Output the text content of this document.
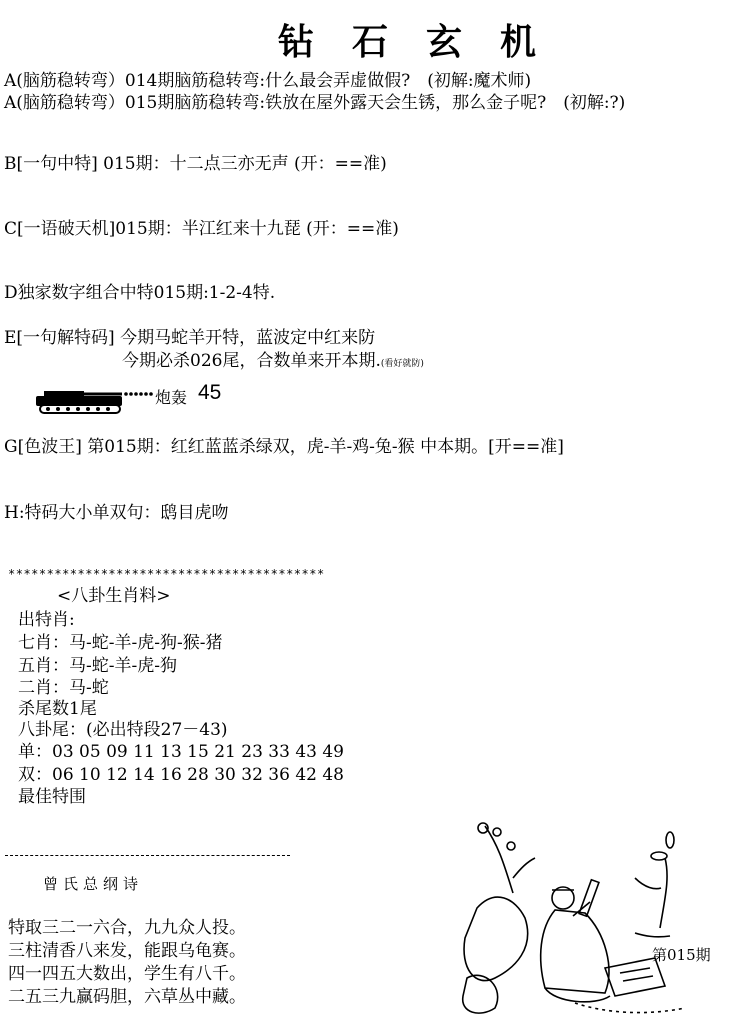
钻石玄机
A(脑筋稳转弯）014期脑筋稳转弯:什么最会弄虚做假?　(初解:魔术师)
A(脑筋稳转弯）015期脑筋稳转弯:铁放在屋外露天会生锈，那么金子呢?　(初解:?)
B[一句中特] 015期：十二点三亦无声 (开：==准)
C[一语破天机]015期：半江红来十九琵 (开：==准)
D独家数字组合中特015期:1-2-4特.
E[一句解特码] 今期马蛇羊开特，蓝波定中红来防
今期必杀026尾，合数单来开本期.(看好就防)
炮轰 45
G[色波王] 第015期：红红蓝蓝杀绿双，虎-羊-鸡-兔-猴 中本期。[开==准]
H:特码大小单双句：鸱目虎吻
*****************************************
<八卦生肖料>
出特肖:
七肖：马-蛇-羊-虎-狗-猴-猪
五肖：马-蛇-羊-虎-狗
二肖：马-蛇
杀尾数1尾
八卦尾：(必出特段27－43)
单：03 05 09 11 13 15 21 23 33 43 49
双：06 10 12 14 16 28 30 32 36 42 48
最佳特围
曾氏总纲诗
特取三二一六合，九九众人投。
三柱清香八来发，能跟乌龟赛。
四一四五大数出，学生有八千。
二五三九赢码胆，六草丛中藏。
第015期
